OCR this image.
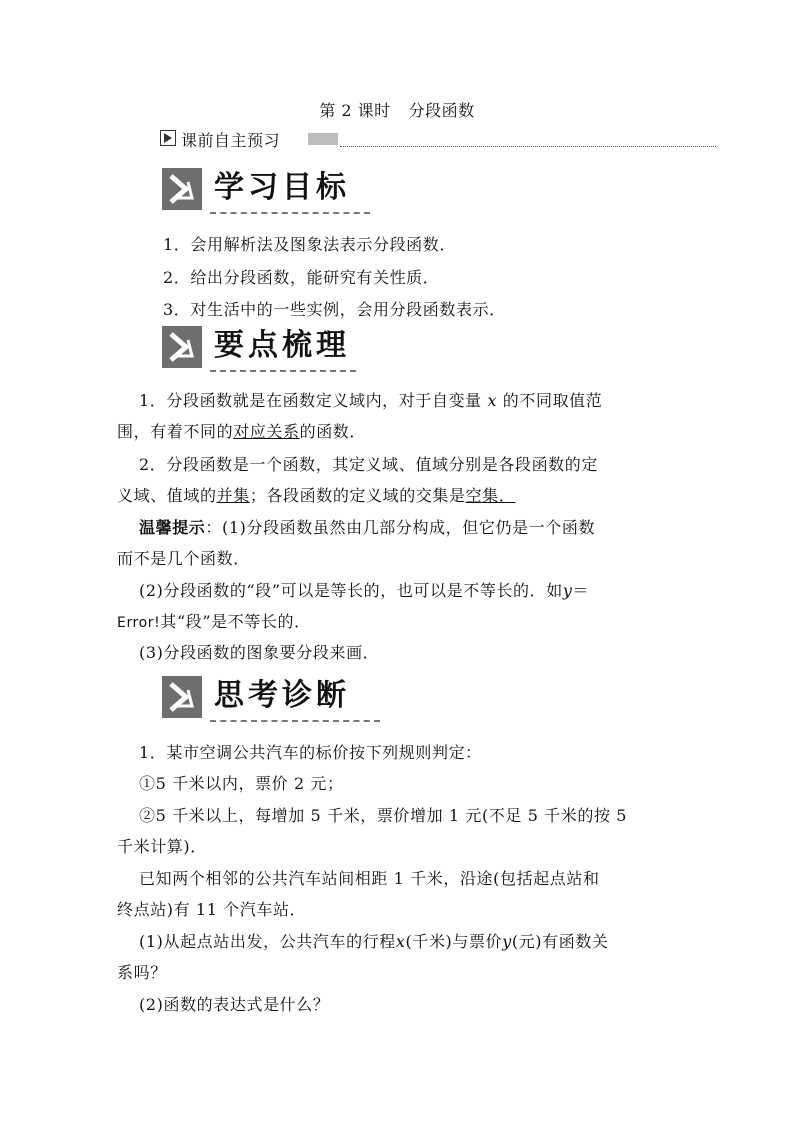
第 2 课时 分段函数
课前自主预习
学习目标
1．会用解析法及图象法表示分段函数．
2．给出分段函数，能研究有关性质．
3．对生活中的一些实例，会用分段函数表示．
要点梳理
1．分段函数就是在函数定义域内，对于自变量 x 的不同取值范
围，有着不同的对应关系的函数．
2．分段函数是一个函数，其定义域、值域分别是各段函数的定
义域、值域的并集；各段函数的定义域的交集是空集．
温馨提示：(1)分段函数虽然由几部分构成，但它仍是一个函数
而不是几个函数．
(2)分段函数的“段”可以是等长的，也可以是不等长的．如y＝
Error!其“段”是不等长的．
(3)分段函数的图象要分段来画．
思考诊断
1．某市空调公共汽车的标价按下列规则判定：
①5 千米以内，票价 2 元；
②5 千米以上，每增加 5 千米，票价增加 1 元(不足 5 千米的按 5
千米计算)．
已知两个相邻的公共汽车站间相距 1 千米，沿途(包括起点站和
终点站)有 11 个汽车站．
(1)从起点站出发，公共汽车的行程x(千米)与票价y(元)有函数关
系吗？
(2)函数的表达式是什么？
